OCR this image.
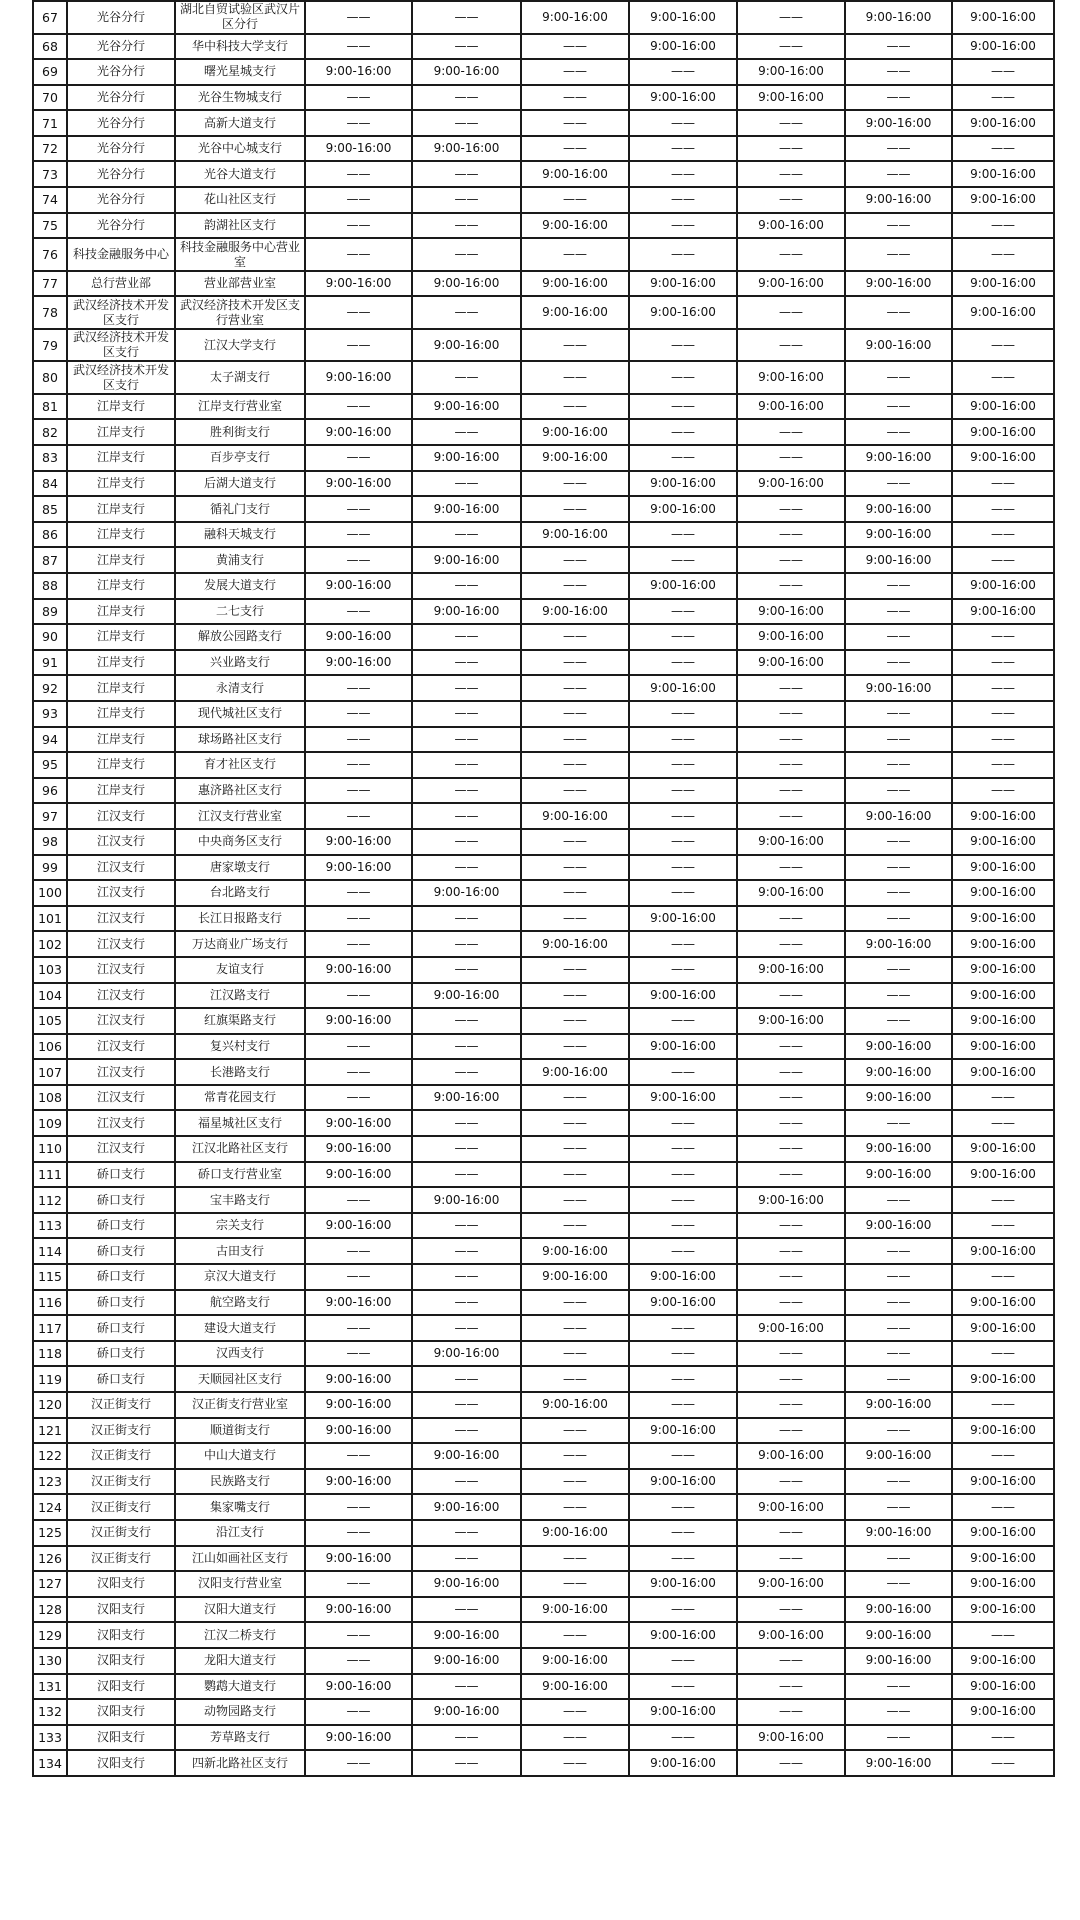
67	光谷分行	湖北自贸试验区武汉片区分行	——	——	9:00-16:00	9:00-16:00	——	9:00-16:00	9:00-16:00
68	光谷分行	华中科技大学支行	——	——	——	9:00-16:00	——	——	9:00-16:00
69	光谷分行	曙光星城支行	9:00-16:00	9:00-16:00	——	——	9:00-16:00	——	——
70	光谷分行	光谷生物城支行	——	——	——	9:00-16:00	9:00-16:00	——	——
71	光谷分行	高新大道支行	——	——	——	——	——	9:00-16:00	9:00-16:00
72	光谷分行	光谷中心城支行	9:00-16:00	9:00-16:00	——	——	——	——	——
73	光谷分行	光谷大道支行	——	——	9:00-16:00	——	——	——	9:00-16:00
74	光谷分行	花山社区支行	——	——	——	——	——	9:00-16:00	9:00-16:00
75	光谷分行	韵湖社区支行	——	——	9:00-16:00	——	9:00-16:00	——	——
76	科技金融服务中心	科技金融服务中心营业室	——	——	——	——	——	——	——
77	总行营业部	营业部营业室	9:00-16:00	9:00-16:00	9:00-16:00	9:00-16:00	9:00-16:00	9:00-16:00	9:00-16:00
78	武汉经济技术开发区支行	武汉经济技术开发区支行营业室	——	——	9:00-16:00	9:00-16:00	——	——	9:00-16:00
79	武汉经济技术开发区支行	江汉大学支行	——	9:00-16:00	——	——	——	9:00-16:00	——
80	武汉经济技术开发区支行	太子湖支行	9:00-16:00	——	——	——	9:00-16:00	——	——
81	江岸支行	江岸支行营业室	——	9:00-16:00	——	——	9:00-16:00	——	9:00-16:00
82	江岸支行	胜利街支行	9:00-16:00	——	9:00-16:00	——	——	——	9:00-16:00
83	江岸支行	百步亭支行	——	9:00-16:00	9:00-16:00	——	——	9:00-16:00	9:00-16:00
84	江岸支行	后湖大道支行	9:00-16:00	——	——	9:00-16:00	9:00-16:00	——	——
85	江岸支行	循礼门支行	——	9:00-16:00	——	9:00-16:00	——	9:00-16:00	——
86	江岸支行	融科天城支行	——	——	9:00-16:00	——	——	9:00-16:00	——
87	江岸支行	黄浦支行	——	9:00-16:00	——	——	——	9:00-16:00	——
88	江岸支行	发展大道支行	9:00-16:00	——	——	9:00-16:00	——	——	9:00-16:00
89	江岸支行	二七支行	——	9:00-16:00	9:00-16:00	——	9:00-16:00	——	9:00-16:00
90	江岸支行	解放公园路支行	9:00-16:00	——	——	——	9:00-16:00	——	——
91	江岸支行	兴业路支行	9:00-16:00	——	——	——	9:00-16:00	——	——
92	江岸支行	永清支行	——	——	——	9:00-16:00	——	9:00-16:00	——
93	江岸支行	现代城社区支行	——	——	——	——	——	——	——
94	江岸支行	球场路社区支行	——	——	——	——	——	——	——
95	江岸支行	育才社区支行	——	——	——	——	——	——	——
96	江岸支行	惠济路社区支行	——	——	——	——	——	——	——
97	江汉支行	江汉支行营业室	——	——	9:00-16:00	——	——	9:00-16:00	9:00-16:00
98	江汉支行	中央商务区支行	9:00-16:00	——	——	——	9:00-16:00	——	9:00-16:00
99	江汉支行	唐家墩支行	9:00-16:00	——	——	——	——	——	9:00-16:00
100	江汉支行	台北路支行	——	9:00-16:00	——	——	9:00-16:00	——	9:00-16:00
101	江汉支行	长江日报路支行	——	——	——	9:00-16:00	——	——	9:00-16:00
102	江汉支行	万达商业广场支行	——	——	9:00-16:00	——	——	9:00-16:00	9:00-16:00
103	江汉支行	友谊支行	9:00-16:00	——	——	——	9:00-16:00	——	9:00-16:00
104	江汉支行	江汉路支行	——	9:00-16:00	——	9:00-16:00	——	——	9:00-16:00
105	江汉支行	红旗渠路支行	9:00-16:00	——	——	——	9:00-16:00	——	9:00-16:00
106	江汉支行	复兴村支行	——	——	——	9:00-16:00	——	9:00-16:00	9:00-16:00
107	江汉支行	长港路支行	——	——	9:00-16:00	——	——	9:00-16:00	9:00-16:00
108	江汉支行	常青花园支行	——	9:00-16:00	——	9:00-16:00	——	9:00-16:00	——
109	江汉支行	福星城社区支行	9:00-16:00	——	——	——	——	——	——
110	江汉支行	江汉北路社区支行	9:00-16:00	——	——	——	——	9:00-16:00	9:00-16:00
111	硚口支行	硚口支行营业室	9:00-16:00	——	——	——	——	9:00-16:00	9:00-16:00
112	硚口支行	宝丰路支行	——	9:00-16:00	——	——	9:00-16:00	——	——
113	硚口支行	宗关支行	9:00-16:00	——	——	——	——	9:00-16:00	——
114	硚口支行	古田支行	——	——	9:00-16:00	——	——	——	9:00-16:00
115	硚口支行	京汉大道支行	——	——	9:00-16:00	9:00-16:00	——	——	——
116	硚口支行	航空路支行	9:00-16:00	——	——	9:00-16:00	——	——	9:00-16:00
117	硚口支行	建设大道支行	——	——	——	——	9:00-16:00	——	9:00-16:00
118	硚口支行	汉西支行	——	9:00-16:00	——	——	——	——	——
119	硚口支行	天顺园社区支行	9:00-16:00	——	——	——	——	——	9:00-16:00
120	汉正街支行	汉正街支行营业室	9:00-16:00	——	9:00-16:00	——	——	9:00-16:00	——
121	汉正街支行	顺道街支行	9:00-16:00	——	——	9:00-16:00	——	——	9:00-16:00
122	汉正街支行	中山大道支行	——	9:00-16:00	——	——	9:00-16:00	9:00-16:00	——
123	汉正街支行	民族路支行	9:00-16:00	——	——	9:00-16:00	——	——	9:00-16:00
124	汉正街支行	集家嘴支行	——	9:00-16:00	——	——	9:00-16:00	——	——
125	汉正街支行	沿江支行	——	——	9:00-16:00	——	——	9:00-16:00	9:00-16:00
126	汉正街支行	江山如画社区支行	9:00-16:00	——	——	——	——	——	9:00-16:00
127	汉阳支行	汉阳支行营业室	——	9:00-16:00	——	9:00-16:00	9:00-16:00	——	9:00-16:00
128	汉阳支行	汉阳大道支行	9:00-16:00	——	9:00-16:00	——	——	9:00-16:00	9:00-16:00
129	汉阳支行	江汉二桥支行	——	9:00-16:00	——	9:00-16:00	9:00-16:00	9:00-16:00	——
130	汉阳支行	龙阳大道支行	——	9:00-16:00	9:00-16:00	——	——	9:00-16:00	9:00-16:00
131	汉阳支行	鹦鹉大道支行	9:00-16:00	——	9:00-16:00	——	——	——	9:00-16:00
132	汉阳支行	动物园路支行	——	9:00-16:00	——	9:00-16:00	——	——	9:00-16:00
133	汉阳支行	芳草路支行	9:00-16:00	——	——	——	9:00-16:00	——	——
134	汉阳支行	四新北路社区支行	——	——	——	9:00-16:00	——	9:00-16:00	——
